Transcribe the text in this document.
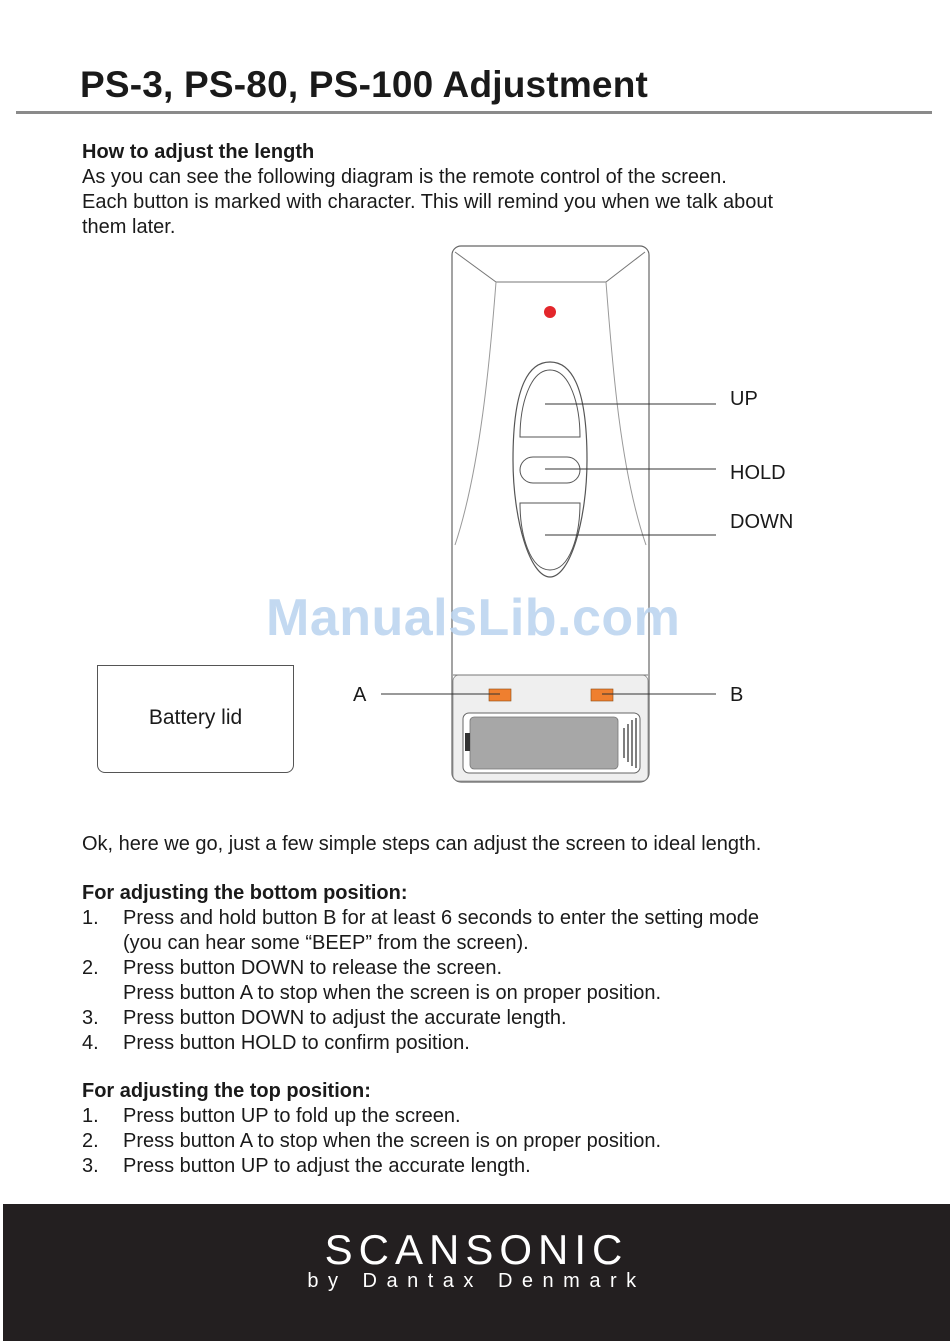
PS-3, PS-80, PS-100 Adjustment
How to adjust the length
As you can see the following diagram is the remote control of the screen.
Each button is marked with character. This will remind you when we talk about
them later.
UP
HOLD
DOWN
A	B
Battery lid
ManualsLib.com

Ok, here we go, just a few simple steps can adjust the screen to ideal length.

For adjusting the bottom position:

1. Press and hold button B for at least 6 seconds to enter the setting mode
(you can hear some “BEEP” from the screen).
2. Press button DOWN to release the screen.
Press button A to stop when the screen is on proper position.
3. Press button DOWN to adjust the accurate length.
4. Press button HOLD to confirm position.

For adjusting the top position:

1. Press button UP to fold up the screen.
2. Press button A to stop when the screen is on proper position.
3. Press button UP to adjust the accurate length.
SCANSONIC
by Dantax Denmark
